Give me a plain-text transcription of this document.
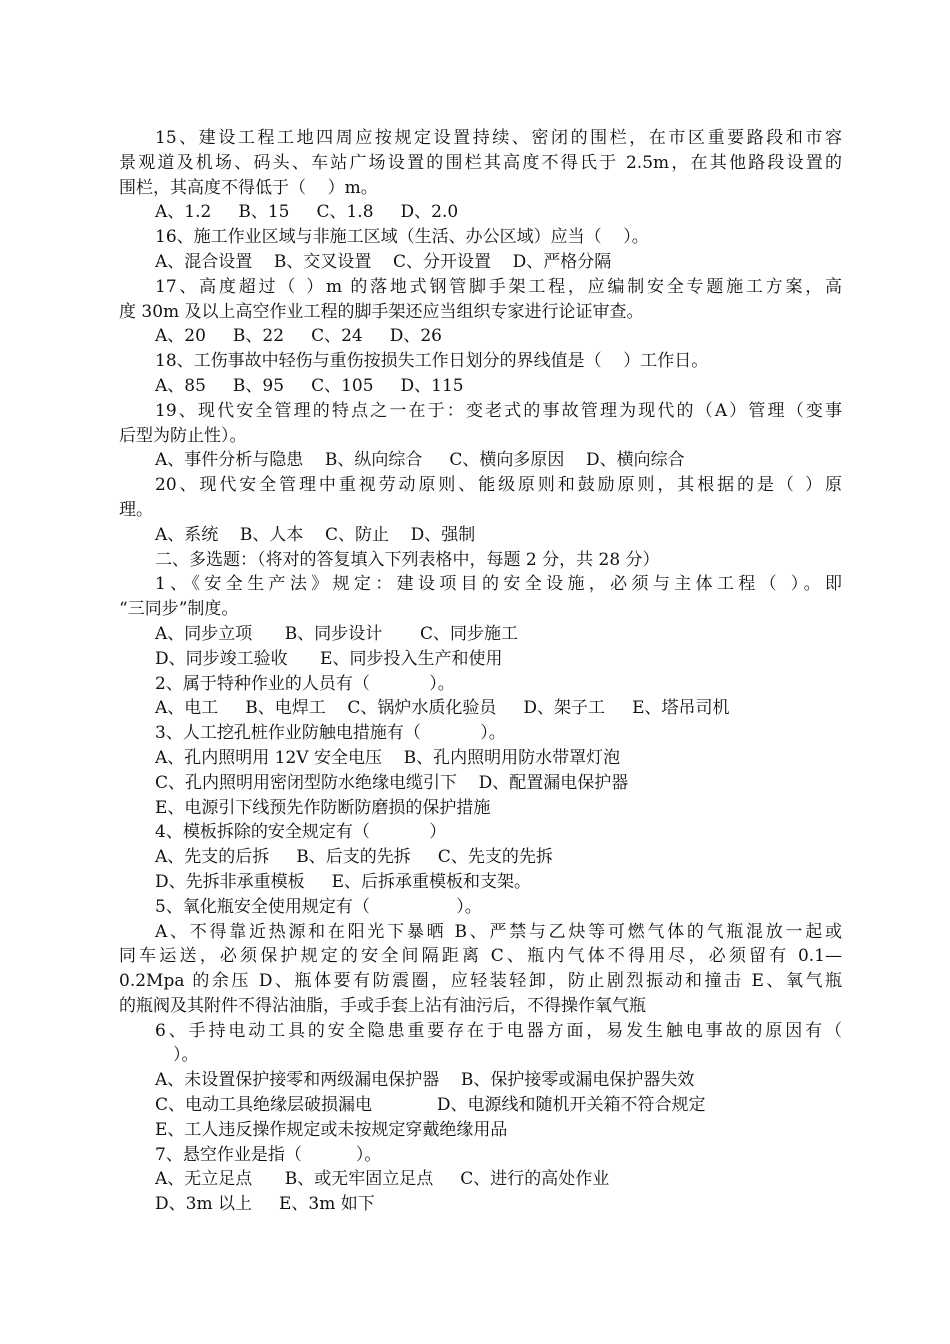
15、建设工程工地四周应按规定设置持续、密闭的围栏，在市区重要路段和市容
景观道及机场、码头、车站广场设置的围栏其高度不得氏于 2.5m，在其他路段设置的
围栏，其高度不得低于（    ）m。
A、1.2     B、15     C、1.8     D、2.0
16、施工作业区域与非施工区域（生活、办公区域）应当（    ）。
A、混合设置    B、交叉设置    C、分开设置    D、严格分隔
17、高度超过（ ）m 的落地式钢管脚手架工程，应编制安全专题施工方案，高
度 30m 及以上高空作业工程的脚手架还应当组织专家进行论证审查。
A、20     B、22     C、24     D、26
18、工伤事故中轻伤与重伤按损失工作日划分的界线值是（    ）工作日。
A、85     B、95     C、105     D、115
19、现代安全管理的特点之一在于：变老式的事故管理为现代的（A）管理（变事
后型为防止性）。
A、事件分析与隐患    B、纵向综合     C、横向多原因    D、横向综合
20、现代安全管理中重视劳动原则、能级原则和鼓励原则，其根据的是（ ）原
理。
A、系统    B、人本    C、防止    D、强制
二、多选题：（将对的答复填入下列表格中，每题 2 分，共 28 分）
1、《安全生产法》规定：建设项目的安全设施，必须与主体工程（ ）。即
“三同步”制度。
A、同步立项      B、同步设计       C、同步施工
D、同步竣工验收      E、同步投入生产和使用
2、属于特种作业的人员有（           ）。
A、电工     B、电焊工    C、锅炉水质化验员     D、架子工     E、塔吊司机
3、人工挖孔桩作业防触电措施有（           ）。
A、孔内照明用 12V 安全电压    B、孔内照明用防水带罩灯泡
C、孔内照明用密闭型防水绝缘电缆引下    D、配置漏电保护器
E、电源引下线预先作防断防磨损的保护措施
4、模板拆除的安全规定有（           ）
A、先支的后拆     B、后支的先拆     C、先支的先拆
D、先拆非承重模板     E、后拆承重模板和支架。
5、氧化瓶安全使用规定有（                ）。
A、不得靠近热源和在阳光下暴晒 B、严禁与乙炔等可燃气体的气瓶混放一起或
同车运送，必须保护规定的安全间隔距离 C、瓶内气体不得用尽，必须留有 0.1—
0.2Mpa 的余压 D、瓶体要有防震圈，应轻装轻卸，防止剧烈振动和撞击 E、氧气瓶
的瓶阀及其附件不得沾油脂，手或手套上沾有油污后，不得操作氧气瓶
6、手持电动工具的安全隐患重要存在于电器方面，易发生触电事故的原因有（
）。
A、未设置保护接零和两级漏电保护器    B、保护接零或漏电保护器失效
C、电动工具绝缘层破损漏电            D、电源线和随机开关箱不符合规定
E、工人违反操作规定或未按规定穿戴绝缘用品
7、悬空作业是指（          ）。
A、无立足点      B、或无牢固立足点     C、进行的高处作业
D、3m 以上     E、3m 如下
